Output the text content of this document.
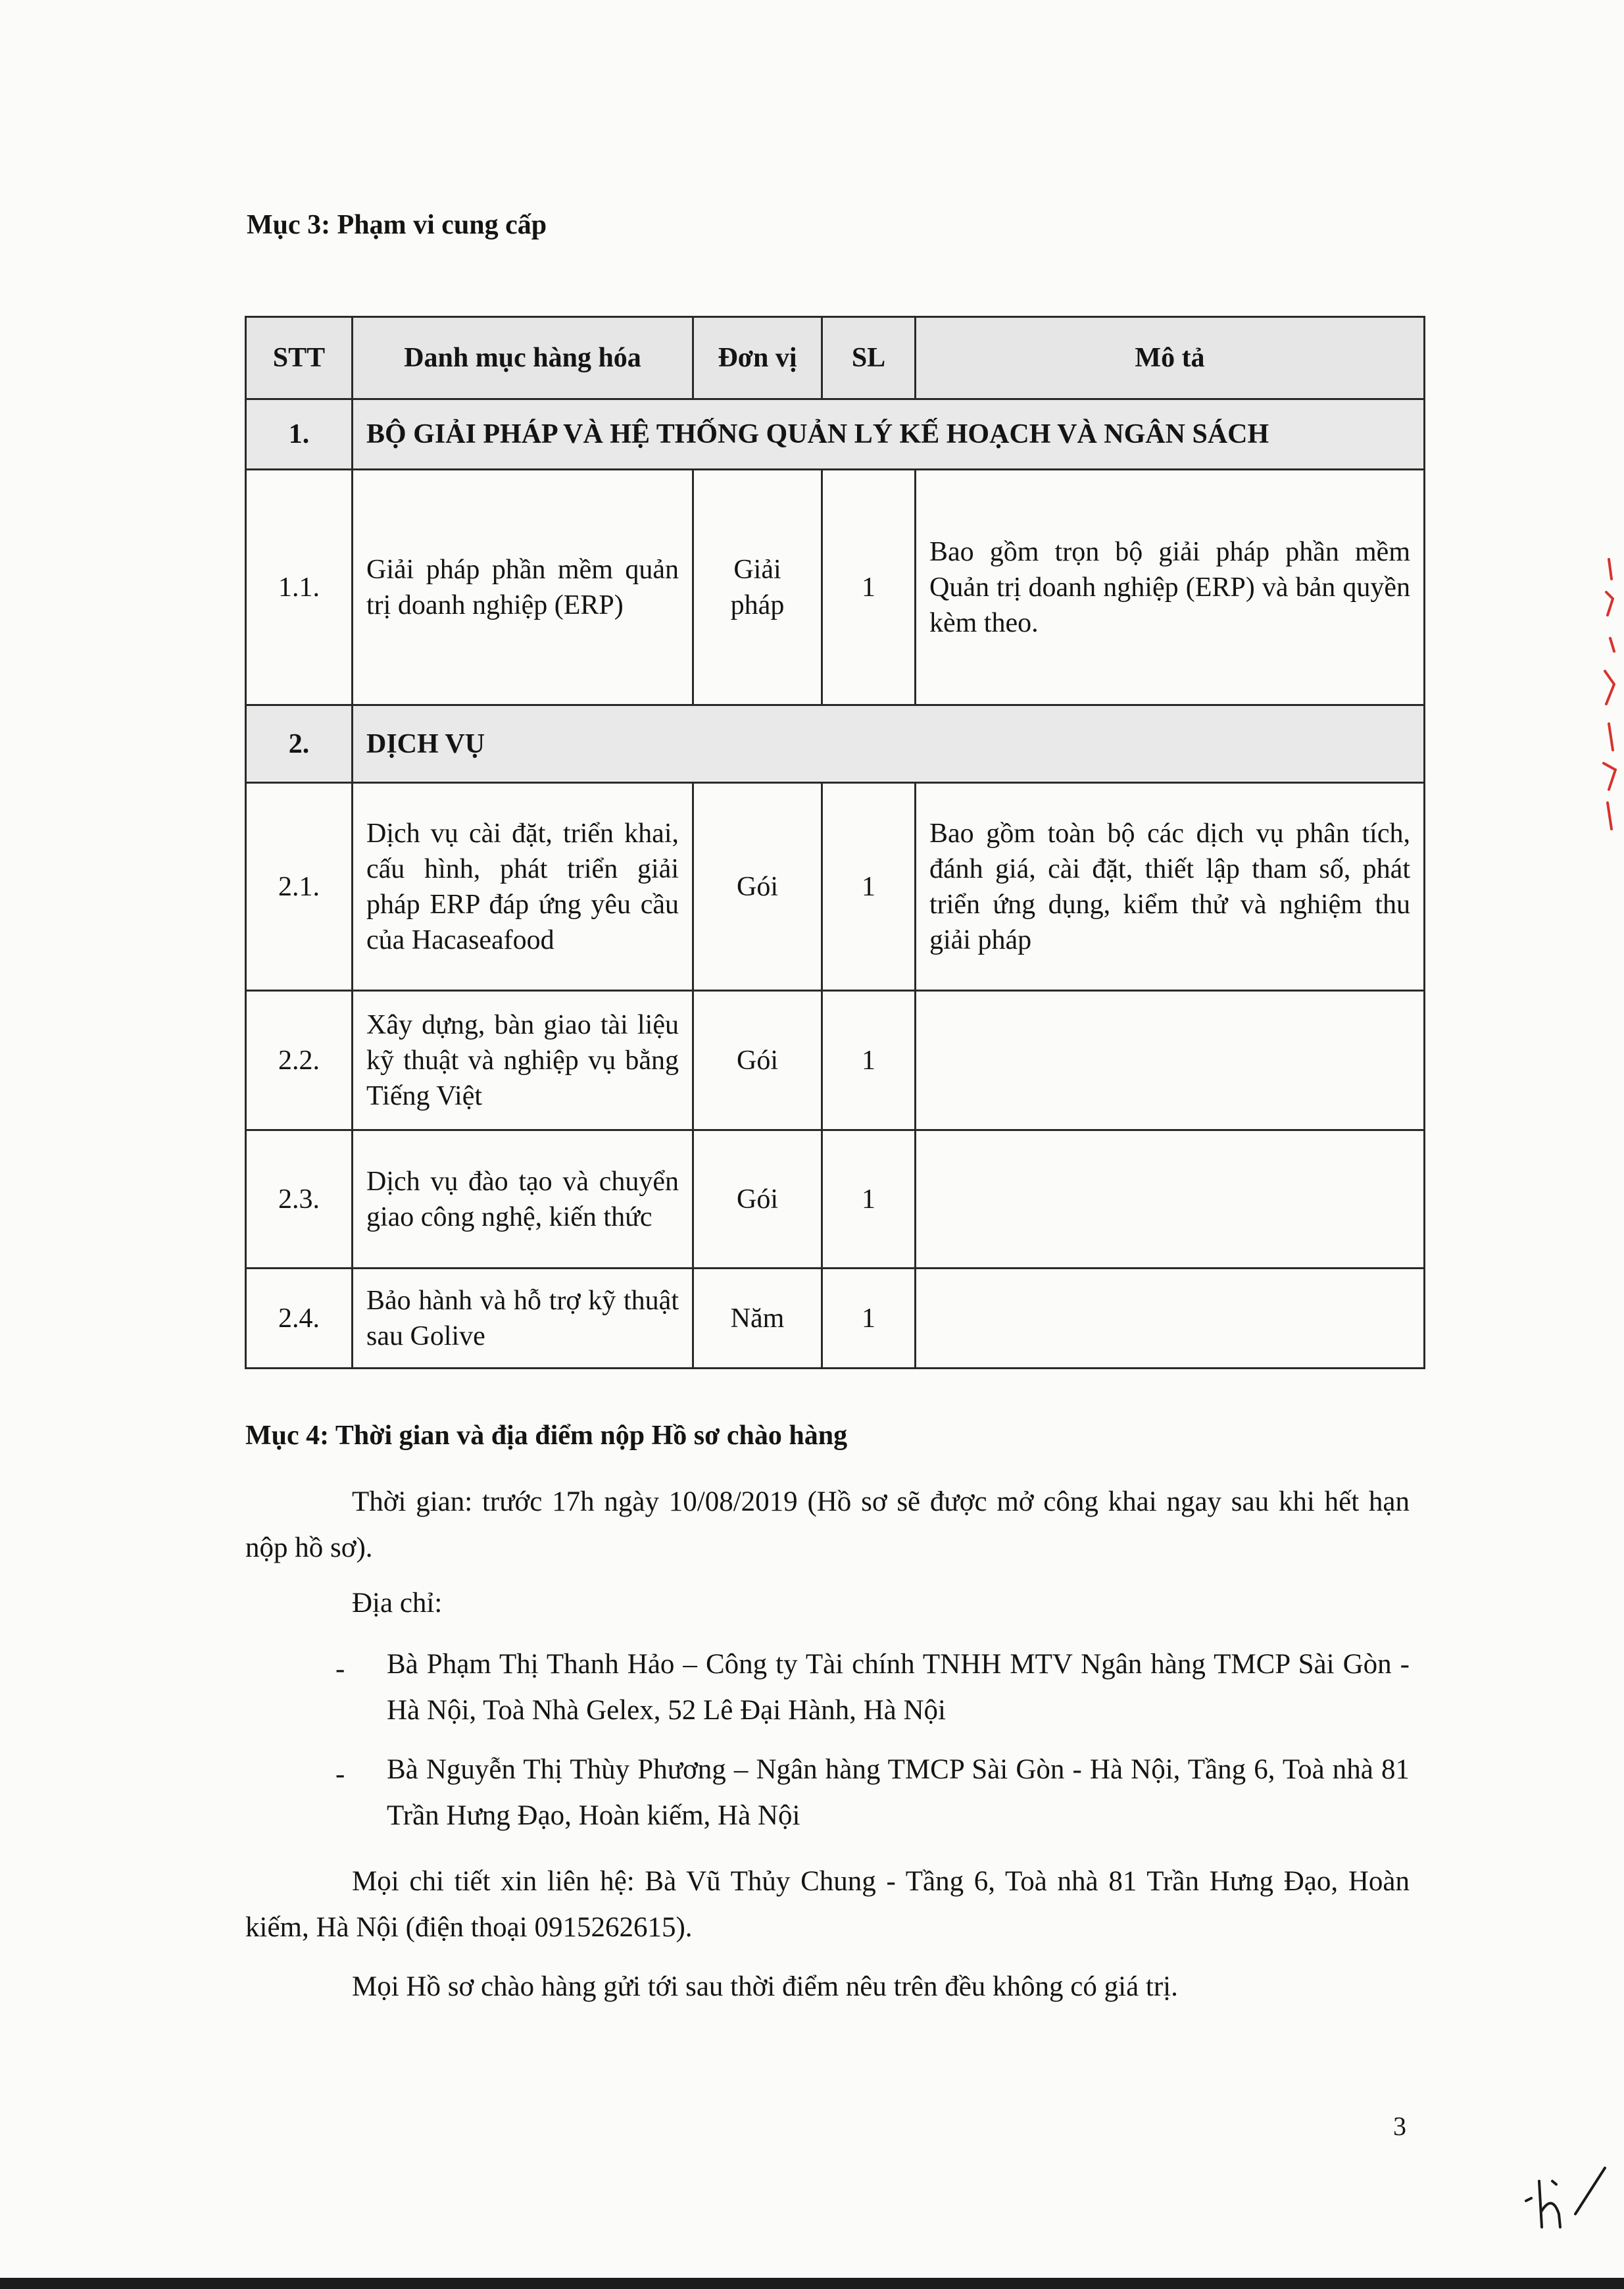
Mục 3: Phạm vi cung cấp
STT	Danh mục hàng hóa	Đơn vị	SL	Mô tả
1.	BỘ GIẢI PHÁP VÀ HỆ THỐNG QUẢN LÝ KẾ HOẠCH VÀ NGÂN SÁCH			
1.1.	Giải pháp phần mềm quản trị doanh nghiệp (ERP)	Giải pháp	1	Bao gồm trọn bộ giải pháp phần mềm Quản trị doanh nghiệp (ERP) và bản quyền kèm theo.
2.	DỊCH VỤ			
2.1.	Dịch vụ cài đặt, triển khai, cấu hình, phát triển giải pháp ERP đáp ứng yêu cầu của Hacaseafood	Gói	1	Bao gồm toàn bộ các dịch vụ phân tích, đánh giá, cài đặt, thiết lập tham số, phát triển ứng dụng, kiểm thử và nghiệm thu giải pháp
2.2.	Xây dựng, bàn giao tài liệu kỹ thuật và nghiệp vụ bằng Tiếng Việt	Gói	1	
2.3.	Dịch vụ đào tạo và chuyển giao công nghệ, kiến thức	Gói	1	
2.4.	Bảo hành và hỗ trợ kỹ thuật sau Golive	Năm	1	
Mục 4: Thời gian và địa điểm nộp Hồ sơ chào hàng
Thời gian: trước 17h ngày 10/08/2019 (Hồ sơ sẽ được mở công khai ngay sau khi hết hạn nộp hồ sơ).
Địa chỉ:
- Bà Phạm Thị Thanh Hảo – Công ty Tài chính TNHH MTV Ngân hàng TMCP Sài Gòn - Hà Nội, Toà Nhà Gelex, 52 Lê Đại Hành, Hà Nội
- Bà Nguyễn Thị Thùy Phương – Ngân hàng TMCP Sài Gòn - Hà Nội, Tầng 6, Toà nhà 81 Trần Hưng Đạo, Hoàn kiếm, Hà Nội
Mọi chi tiết xin liên hệ: Bà Vũ Thủy Chung - Tầng 6, Toà nhà 81 Trần Hưng Đạo, Hoàn kiếm, Hà Nội (điện thoại 0915262615).
Mọi Hồ sơ chào hàng gửi tới sau thời điểm nêu trên đều không có giá trị.
3
